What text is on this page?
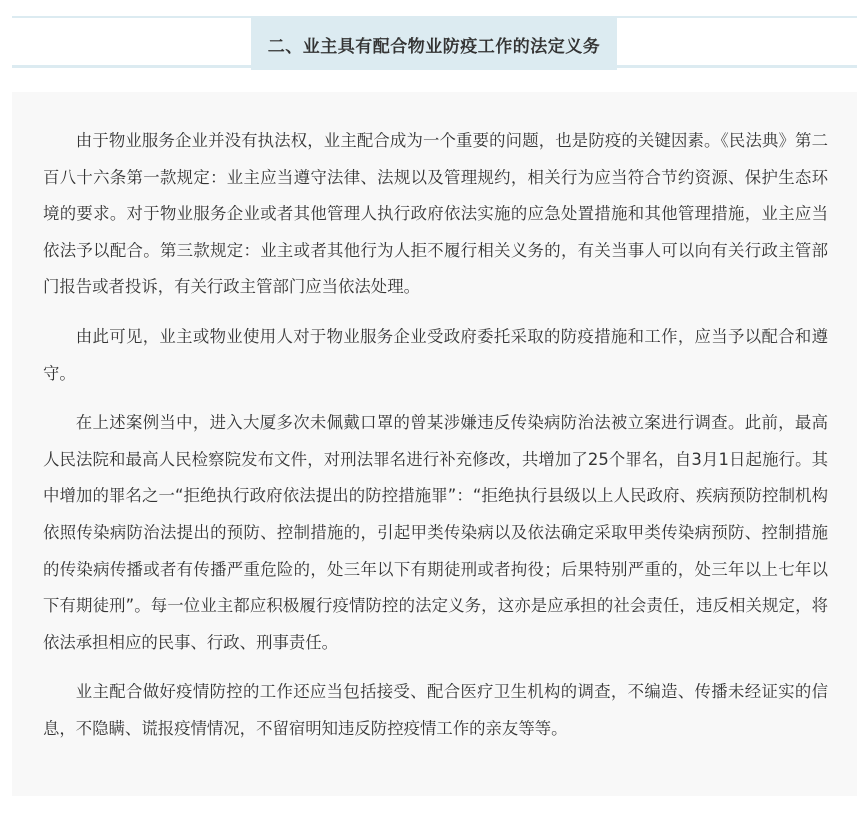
二、业主具有配合物业防疫工作的法定义务

由于物业服务企业并没有执法权，业主配合成为一个重要的问题，也是防疫的关键因素。《民法典》第二百八十六条第一款规定：业主应当遵守法律、法规以及管理规约，相关行为应当符合节约资源、保护生态环境的要求。对于物业服务企业或者其他管理人执行政府依法实施的应急处置措施和其他管理措施，业主应当依法予以配合。第三款规定：业主或者其他行为人拒不履行相关义务的，有关当事人可以向有关行政主管部门报告或者投诉，有关行政主管部门应当依法处理。

由此可见，业主或物业使用人对于物业服务企业受政府委托采取的防疫措施和工作，应当予以配合和遵守。

在上述案例当中，进入大厦多次未佩戴口罩的曾某涉嫌违反传染病防治法被立案进行调查。此前，最高人民法院和最高人民检察院发布文件，对刑法罪名进行补充修改，共增加了25个罪名，自3月1日起施行。其中增加的罪名之一“拒绝执行政府依法提出的防控措施罪”：“拒绝执行县级以上人民政府、疾病预防控制机构依照传染病防治法提出的预防、控制措施的，引起甲类传染病以及依法确定采取甲类传染病预防、控制措施的传染病传播或者有传播严重危险的，处三年以下有期徒刑或者拘役；后果特别严重的，处三年以上七年以下有期徒刑”。每一位业主都应积极履行疫情防控的法定义务，这亦是应承担的社会责任，违反相关规定，将依法承担相应的民事、行政、刑事责任。

业主配合做好疫情防控的工作还应当包括接受、配合医疗卫生机构的调查，不编造、传播未经证实的信息，不隐瞒、谎报疫情情况，不留宿明知违反防控疫情工作的亲友等等。
